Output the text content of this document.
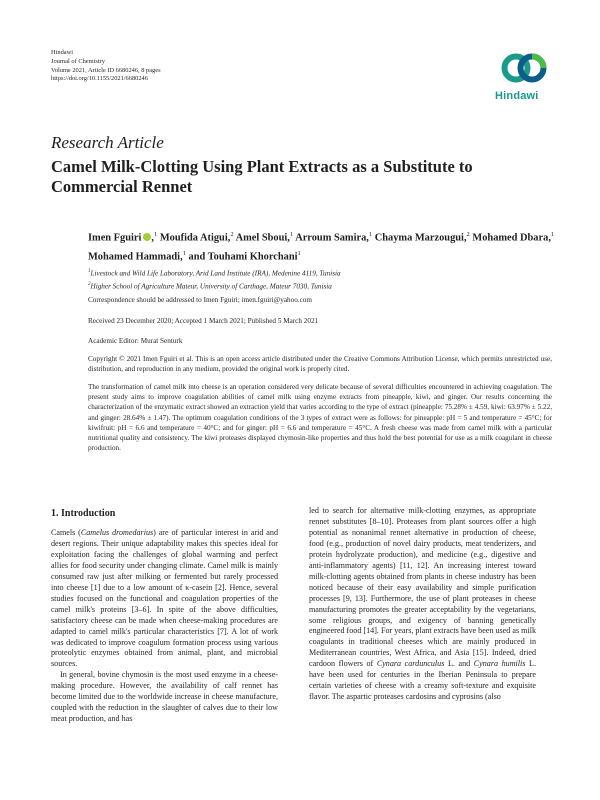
Hindawi
Journal of Chemistry
Volume 2021, Article ID 6680246, 8 pages
https://doi.org/10.1155/2021/6680246
Hindawi
Research Article
Camel Milk-Clotting Using Plant Extracts as a Substitute to Commercial Rennet
Imen Fguiri ,$^1$ Moufida Atigui,$^2$ Amel Sboui,$^1$ Arroum Samira,$^1$ Chayma Marzougui,$^2$ Mohamed Dbara,$^1$ Mohamed Hammadi,$^1$ and Touhami Khorchani$^1$
$^1$Livestock and Wild Life Laboratory, Arid Land Institute (IRA), Medenine 4119, Tunisia
$^2$Higher School of Agriculture Mateur, University of Carthage, Mateur 7030, Tunisia
Correspondence should be addressed to Imen Fguiri; imen.fguiri@yahoo.com
Received 23 December 2020; Accepted 1 March 2021; Published 5 March 2021
Academic Editor: Murat Senturk
Copyright © 2021 Imen Fguiri et al. This is an open access article distributed under the Creative Commons Attribution License, which permits unrestricted use, distribution, and reproduction in any medium, provided the original work is properly cited.
The transformation of camel milk into cheese is an operation considered very delicate because of several difficulties encountered in achieving coagulation. The present study aims to improve coagulation abilities of camel milk using enzyme extracts from pineapple, kiwi, and ginger. Our results concerning the characterization of the enzymatic extract showed an extraction yield that varies according to the type of extract (pineapple: 75.28% ± 4.59, kiwi: 63.97% ± 5.22, and ginger: 28.64% ± 1.47). The optimum coagulation conditions of the 3 types of extract were as follows: for pineapple: pH = 5 and temperature = 45°C; for kiwifruit: pH = 6.6 and temperature = 40°C; and for ginger: pH = 6.6 and temperature = 45°C. A fresh cheese was made from camel milk with a particular nutritional quality and consistency. The kiwi proteases displayed chymosin-like properties and thus hold the best potential for use as a milk coagulant in cheese production.
1. Introduction

Camels (Camelus dromedarius) are of particular interest in arid and desert regions. Their unique adaptability makes this species ideal for exploitation facing the challenges of global warming and perfect allies for food security under changing climate. Camel milk is mainly consumed raw just after milking or fermented but rarely processed into cheese [1] due to a low amount of κ-casein [2]. Hence, several studies focused on the functional and coagulation properties of the camel milk's proteins [3–6]. In spite of the above difficulties, satisfactory cheese can be made when cheese-making procedures are adapted to camel milk's particular characteristics [7]. A lot of work was dedicated to improve coagulum formation process using various proteolytic enzymes obtained from animal, plant, and microbial sources.

In general, bovine chymosin is the most used enzyme in a cheese-making procedure. However, the availability of calf rennet has become limited due to the worldwide increase in cheese manufacture, coupled with the reduction in the slaughter of calves due to their low meat production, and has

led to search for alternative milk-clotting enzymes, as appropriate rennet substitutes [8–10]. Proteases from plant sources offer a high potential as nonanimal rennet alternative in production of cheese, food (e.g., production of novel dairy products, meat tenderizers, and protein hydrolyzate production), and medicine (e.g., digestive and anti-inflammatory agents) [11, 12]. An increasing interest toward milk-clotting agents obtained from plants in cheese industry has been noticed because of their easy availability and simple purification processes [9, 13]. Furthermore, the use of plant proteases in cheese manufacturing promotes the greater acceptability by the vegetarians, some religious groups, and exigency of banning genetically engineered food [14]. For years, plant extracts have been used as milk coagulants in traditional cheeses which are mainly produced in Mediterranean countries, West Africa, and Asia [15]. Indeed, dried cardoon flowers of Cynara cardunculus L. and Cynara humilis L. have been used for centuries in the Iberian Peninsula to prepare certain varieties of cheese with a creamy soft-texture and exquisite flavor. The aspartic proteases cardosins and cyprosins (also
